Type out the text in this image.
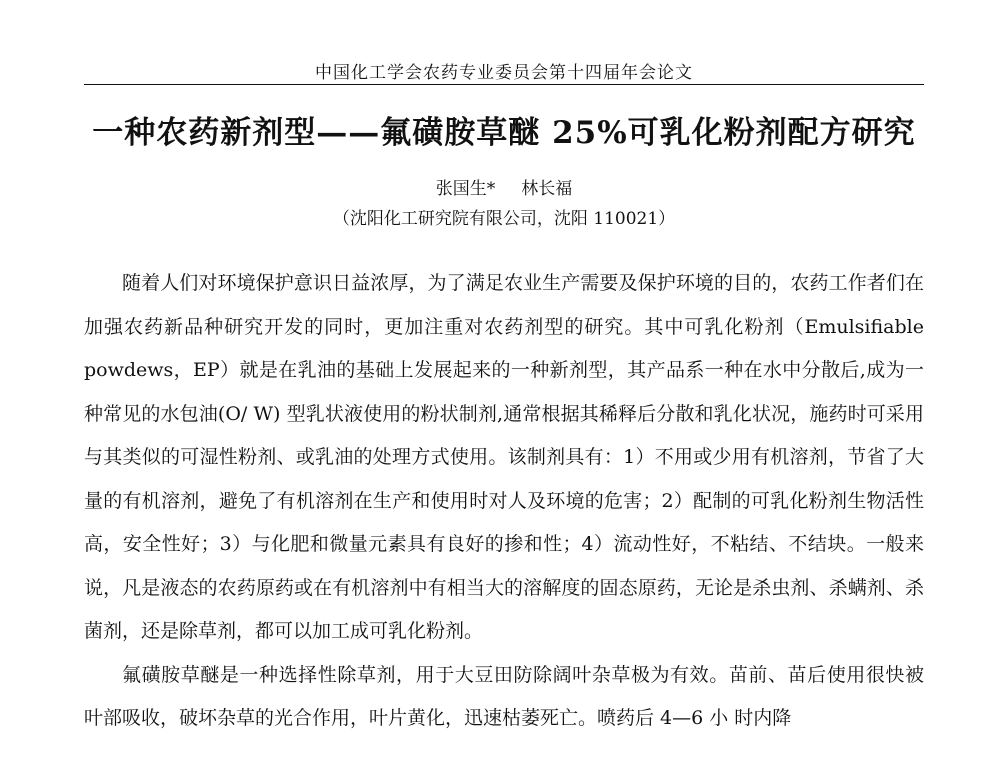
中国化工学会农药专业委员会第十四届年会论文
一种农药新剂型——氟磺胺草醚 25%可乳化粉剂配方研究
张国生* 林长福
（沈阳化工研究院有限公司，沈阳 110021）

随着人们对环境保护意识日益浓厚，为了满足农业生产需要及保护环境的目的，农药工作者们在加强农药新品种研究开发的同时，更加注重对农药剂型的研究。其中可乳化粉剂（Emulsifiable powdews，EP）就是在乳油的基础上发展起来的一种新剂型，其产品系一种在水中分散后,成为一种常见的水包油(O/ W) 型乳状液使用的粉状制剂,通常根据其稀释后分散和乳化状况，施药时可采用与其类似的可湿性粉剂、或乳油的处理方式使用。该制剂具有：1）不用或少用有机溶剂，节省了大量的有机溶剂，避免了有机溶剂在生产和使用时对人及环境的危害；2）配制的可乳化粉剂生物活性高，安全性好；3）与化肥和微量元素具有良好的掺和性；4）流动性好，不粘结、不结块。一般来说，凡是液态的农药原药或在有机溶剂中有相当大的溶解度的固态原药，无论是杀虫剂、杀螨剂、杀菌剂，还是除草剂，都可以加工成可乳化粉剂。

氟磺胺草醚是一种选择性除草剂，用于大豆田防除阔叶杂草极为有效。苗前、苗后使用很快被 叶部吸收，破坏杂草的光合作用，叶片黄化，迅速枯萎死亡。喷药后 4—6 小 时内降
